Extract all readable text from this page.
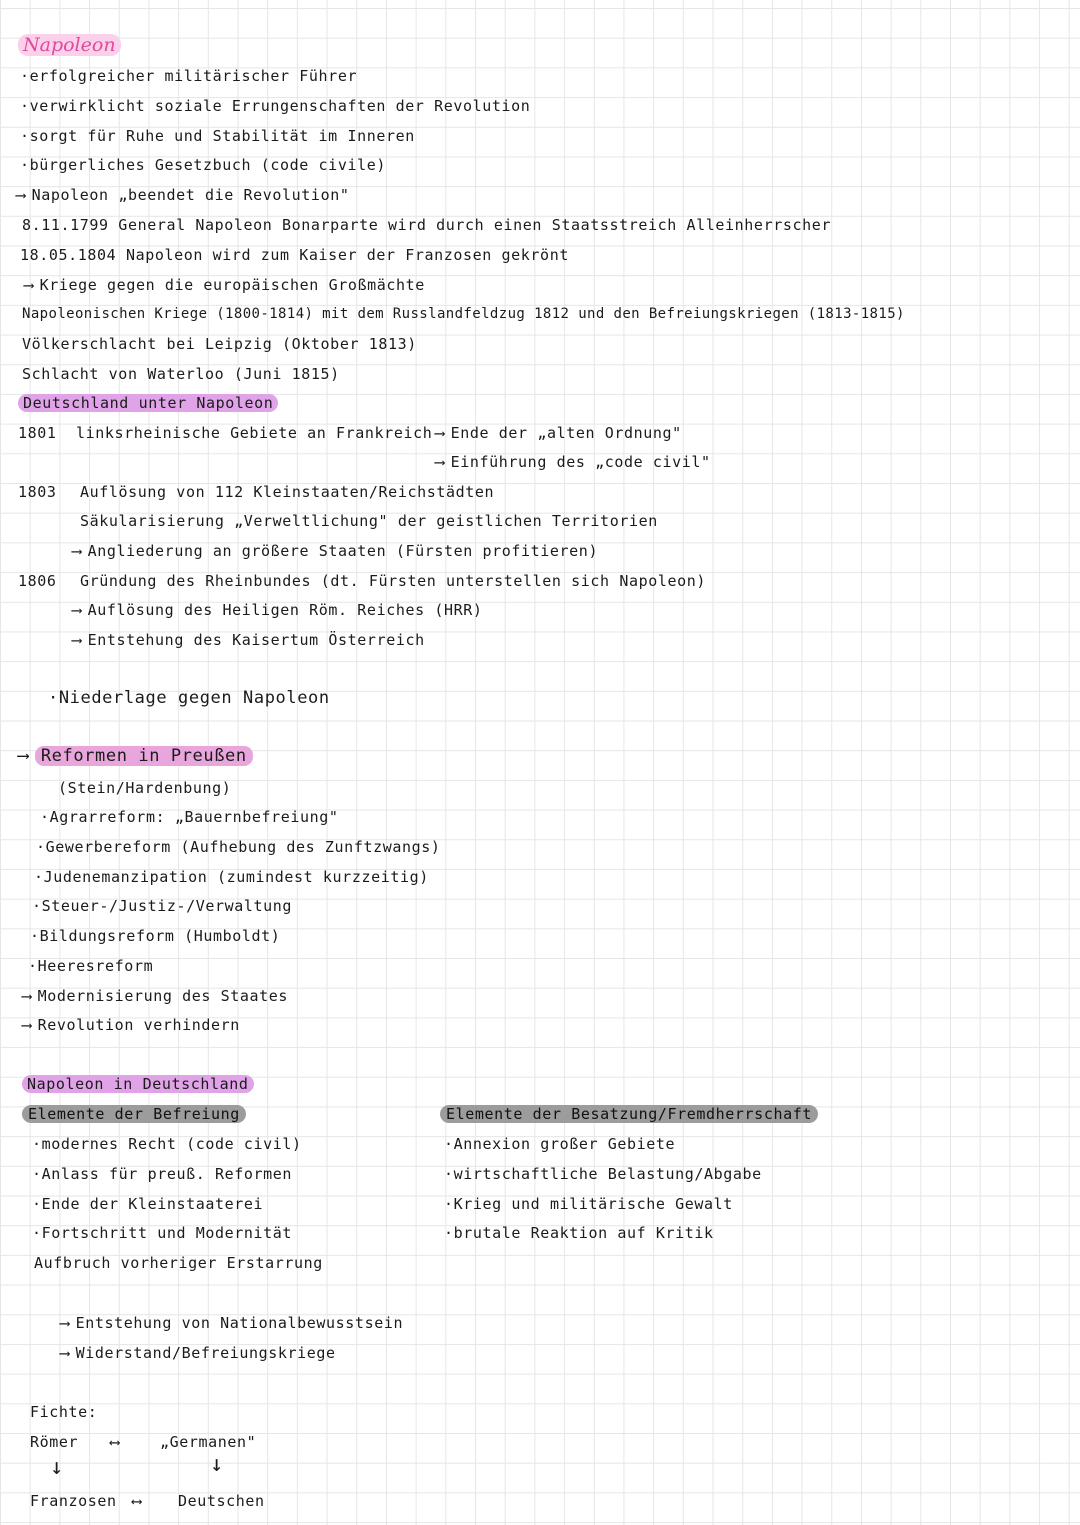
Napoleon
·erfolgreicher militärischer Führer
·verwirklicht soziale Errungenschaften der Revolution
·sorgt für Ruhe und Stabilität im Inneren
·bürgerliches Gesetzbuch (code civile)
⟶ Napoleon „beendet die Revolution"
8.11.1799 General Napoleon Bonarparte wird durch einen Staatsstreich Alleinherrscher
18.05.1804 Napoleon wird zum Kaiser der Franzosen gekrönt
⟶ Kriege gegen die europäischen Großmächte
Napoleonischen Kriege (1800-1814) mit dem Russlandfeldzug 1812 und den Befreiungskriegen (1813-1815)
Völkerschlacht bei Leipzig (Oktober 1813)
Schlacht von Waterloo (Juni 1815)
Deutschland unter Napoleon
1801 linksrheinische Gebiete an Frankreich ⟶ Ende der „alten Ordnung"
⟶ Einführung des „code civil"
1803 Auflösung von 112 Kleinstaaten/Reichstädten
Säkularisierung „Verweltlichung" der geistlichen Territorien
⟶ Angliederung an größere Staaten (Fürsten profitieren)
1806 Gründung des Rheinbundes (dt. Fürsten unterstellen sich Napoleon)
⟶ Auflösung des Heiligen Röm. Reiches (HRR)
⟶ Entstehung des Kaisertum Österreich
·Niederlage gegen Napoleon
⟶ Reformen in Preußen
(Stein/Hardenbung)
·Agrarreform: „Bauernbefreiung"
·Gewerbereform (Aufhebung des Zunftzwangs)
·Judenemanzipation (zumindest kurzzeitig)
·Steuer-/Justiz-/Verwaltung
·Bildungsreform (Humboldt)
·Heeresreform
⟶ Modernisierung des Staates
⟶ Revolution verhindern
Napoleon in Deutschland
Elemente der Befreiung
·modernes Recht (code civil)
·Anlass für preuß. Reformen
·Ende der Kleinstaaterei
·Fortschritt und Modernität
Aufbruch vorheriger Erstarrung
Elemente der Besatzung/Fremdherrschaft
·Annexion großer Gebiete
·wirtschaftliche Belastung/Abgabe
·Krieg und militärische Gewalt
·brutale Reaktion auf Kritik
⟶ Entstehung von Nationalbewusstsein
⟶ Widerstand/Befreiungskriege
Fichte:
Römer ⟷	„Germanen"
↓	↓
Franzosen ⟷ Deutschen
